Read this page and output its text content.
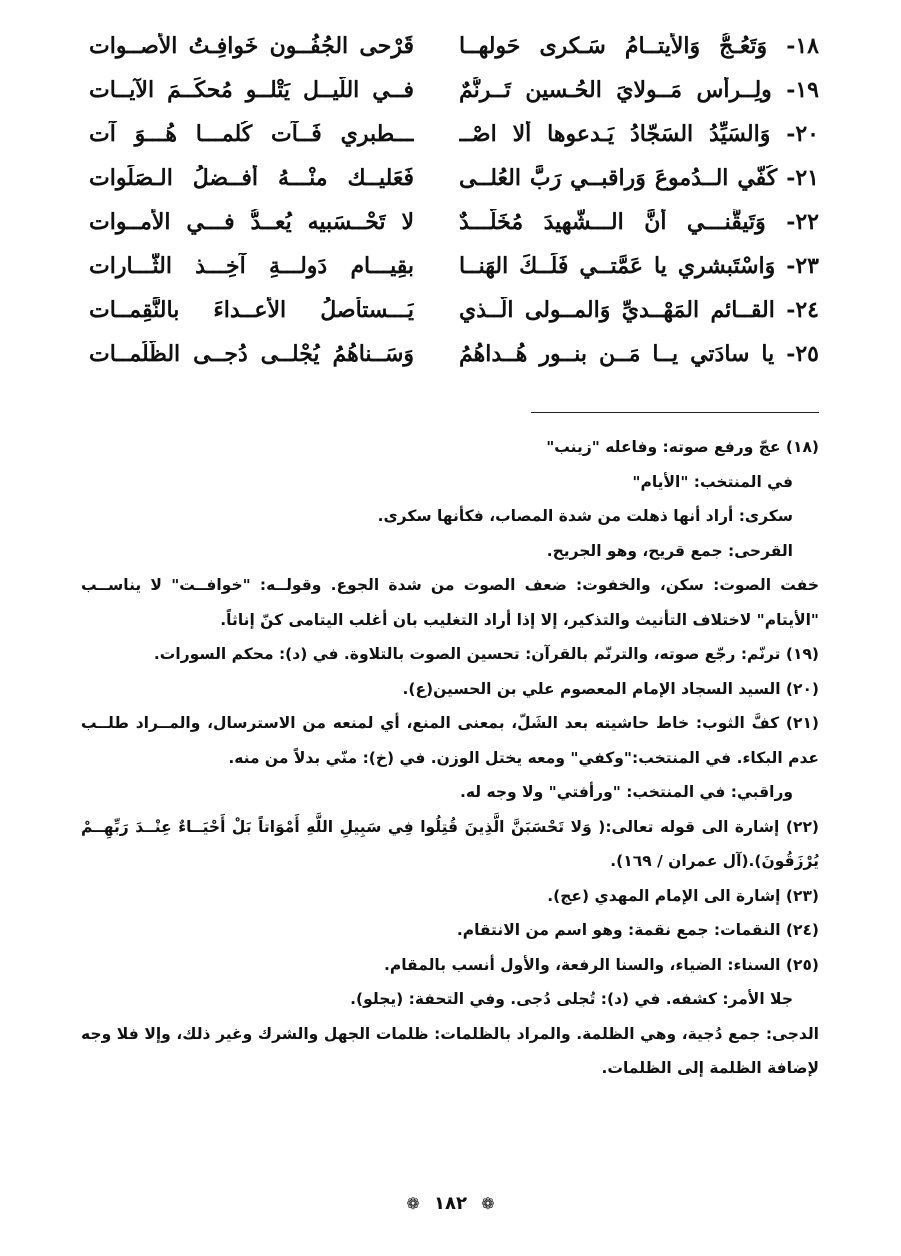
١٨- وَتَعُـجُّ وَالأيتــامُ سَـكرى حَولهــا
قَرْحى الجُفُــون خَوافِـتُ الأصــوات
١٩- ولِــرأسِ مَــولايَ الحُـسينِ تَــرنُّمٌ
فــي اللّيــل يَتْلــو مُحكَــمَ الآيــات
٢٠- وَالسَيِّدُ السَجّادُ يَـدعوها ألا اصْــ
ـــطبري فَــآت كُلمـــا هُـــوَ آت
٢١- كُفّي الــدُموعَ وَراقبــي رَبَّ العُلــى
فَعَليــك منْـــهُ أفــضلُ الـصَلَوات
٢٢- وَتَيقَّنـــي أنَّ الـــشّهيدَ مُخَلَّـــدٌ
لا تَحْــسَبيه يُعــدُّ فـــي الأمــوات
٢٣- وَاسْتَبشري يا عَمَّتــي فَلَــكَ الهَنــا
بقِيـــامِ دَولـــةِ آخِـــذ الثّـــارات
٢٤- القــائم المَهْــديِّ وَالمــولى الّــذي
يَـــستأصلُ الأعــداءَ بالنَّقِمــات
٢٥- يا سادَتي يــا مَــن بنــور هُــداهُمُ
وَسَــناهُمُ يُجْلــى دُجــى الظُّلُمــات
(١٨) عجّ ورفع صوته: وفاعله "زينب"
في المنتخب: "الأيام"
سكرى: أراد أنها ذهلت من شدة المصاب، فكأنها سكرى.
القرحى: جمع قريح، وهو الجريح.
خفت الصوت: سكن، والخفوت: ضعف الصوت من شدة الجوع. وقولــه: "خوافــت" لا يناســب "الأيتام" لاختلاف التأنيث والتذكير، إلا إذا أراد التغليب بان أغلب اليتامى كنّ إناثاً.
(١٩) ترنّم: رجّع صوته، والترنّم بالقرآن: تحسين الصوت بالتلاوة. في (د): محكم السورات.
(٢٠) السيد السجاد الإمام المعصوم علي بن الحسين(ع).
(٢١) كفَّ الثوب: خاط حاشيته بعد الشَلّ، بمعنى المنع، أي لمنعه من الاسترسال، والمــراد طلــب عدم البكاء. في المنتخب:"وكفي" ومعه يختل الوزن. في (خ): منّي بدلاً من منه.
وراقبي: في المنتخب: "ورأفتي" ولا وجه له.
(٢٢) إشارة الى قوله تعالى:( وَلا تَحْسَبَنَّ الَّذِينَ قُتِلُوا فِي سَبِيلِ اللَّهِ أَمْوَاتاً بَلْ أَحْيَــاءٌ عِنْــدَ رَبِّهِــمْ يُرْزَقُونَ).(آل عمران / ١٦٩).
(٢٣) إشارة الى الإمام المهدي (عج).
(٢٤) النقمات: جمع نقمة: وهو اسم من الانتقام.
(٢٥) السناء: الضياء، والسنا الرفعة، والأول أنسب بالمقام.
جلا الأمر: كشفه. في (د): تُجلى دُجى. وفي التحفة: (يجلو).
الدجى: جمع دُجية، وهي الظلمة. والمراد بالظلمات: ظلمات الجهل والشرك وغير ذلك، وإلا فلا وجه لإضافة الظلمة إلى الظلمات.
❁ ١٨٢ ❁
